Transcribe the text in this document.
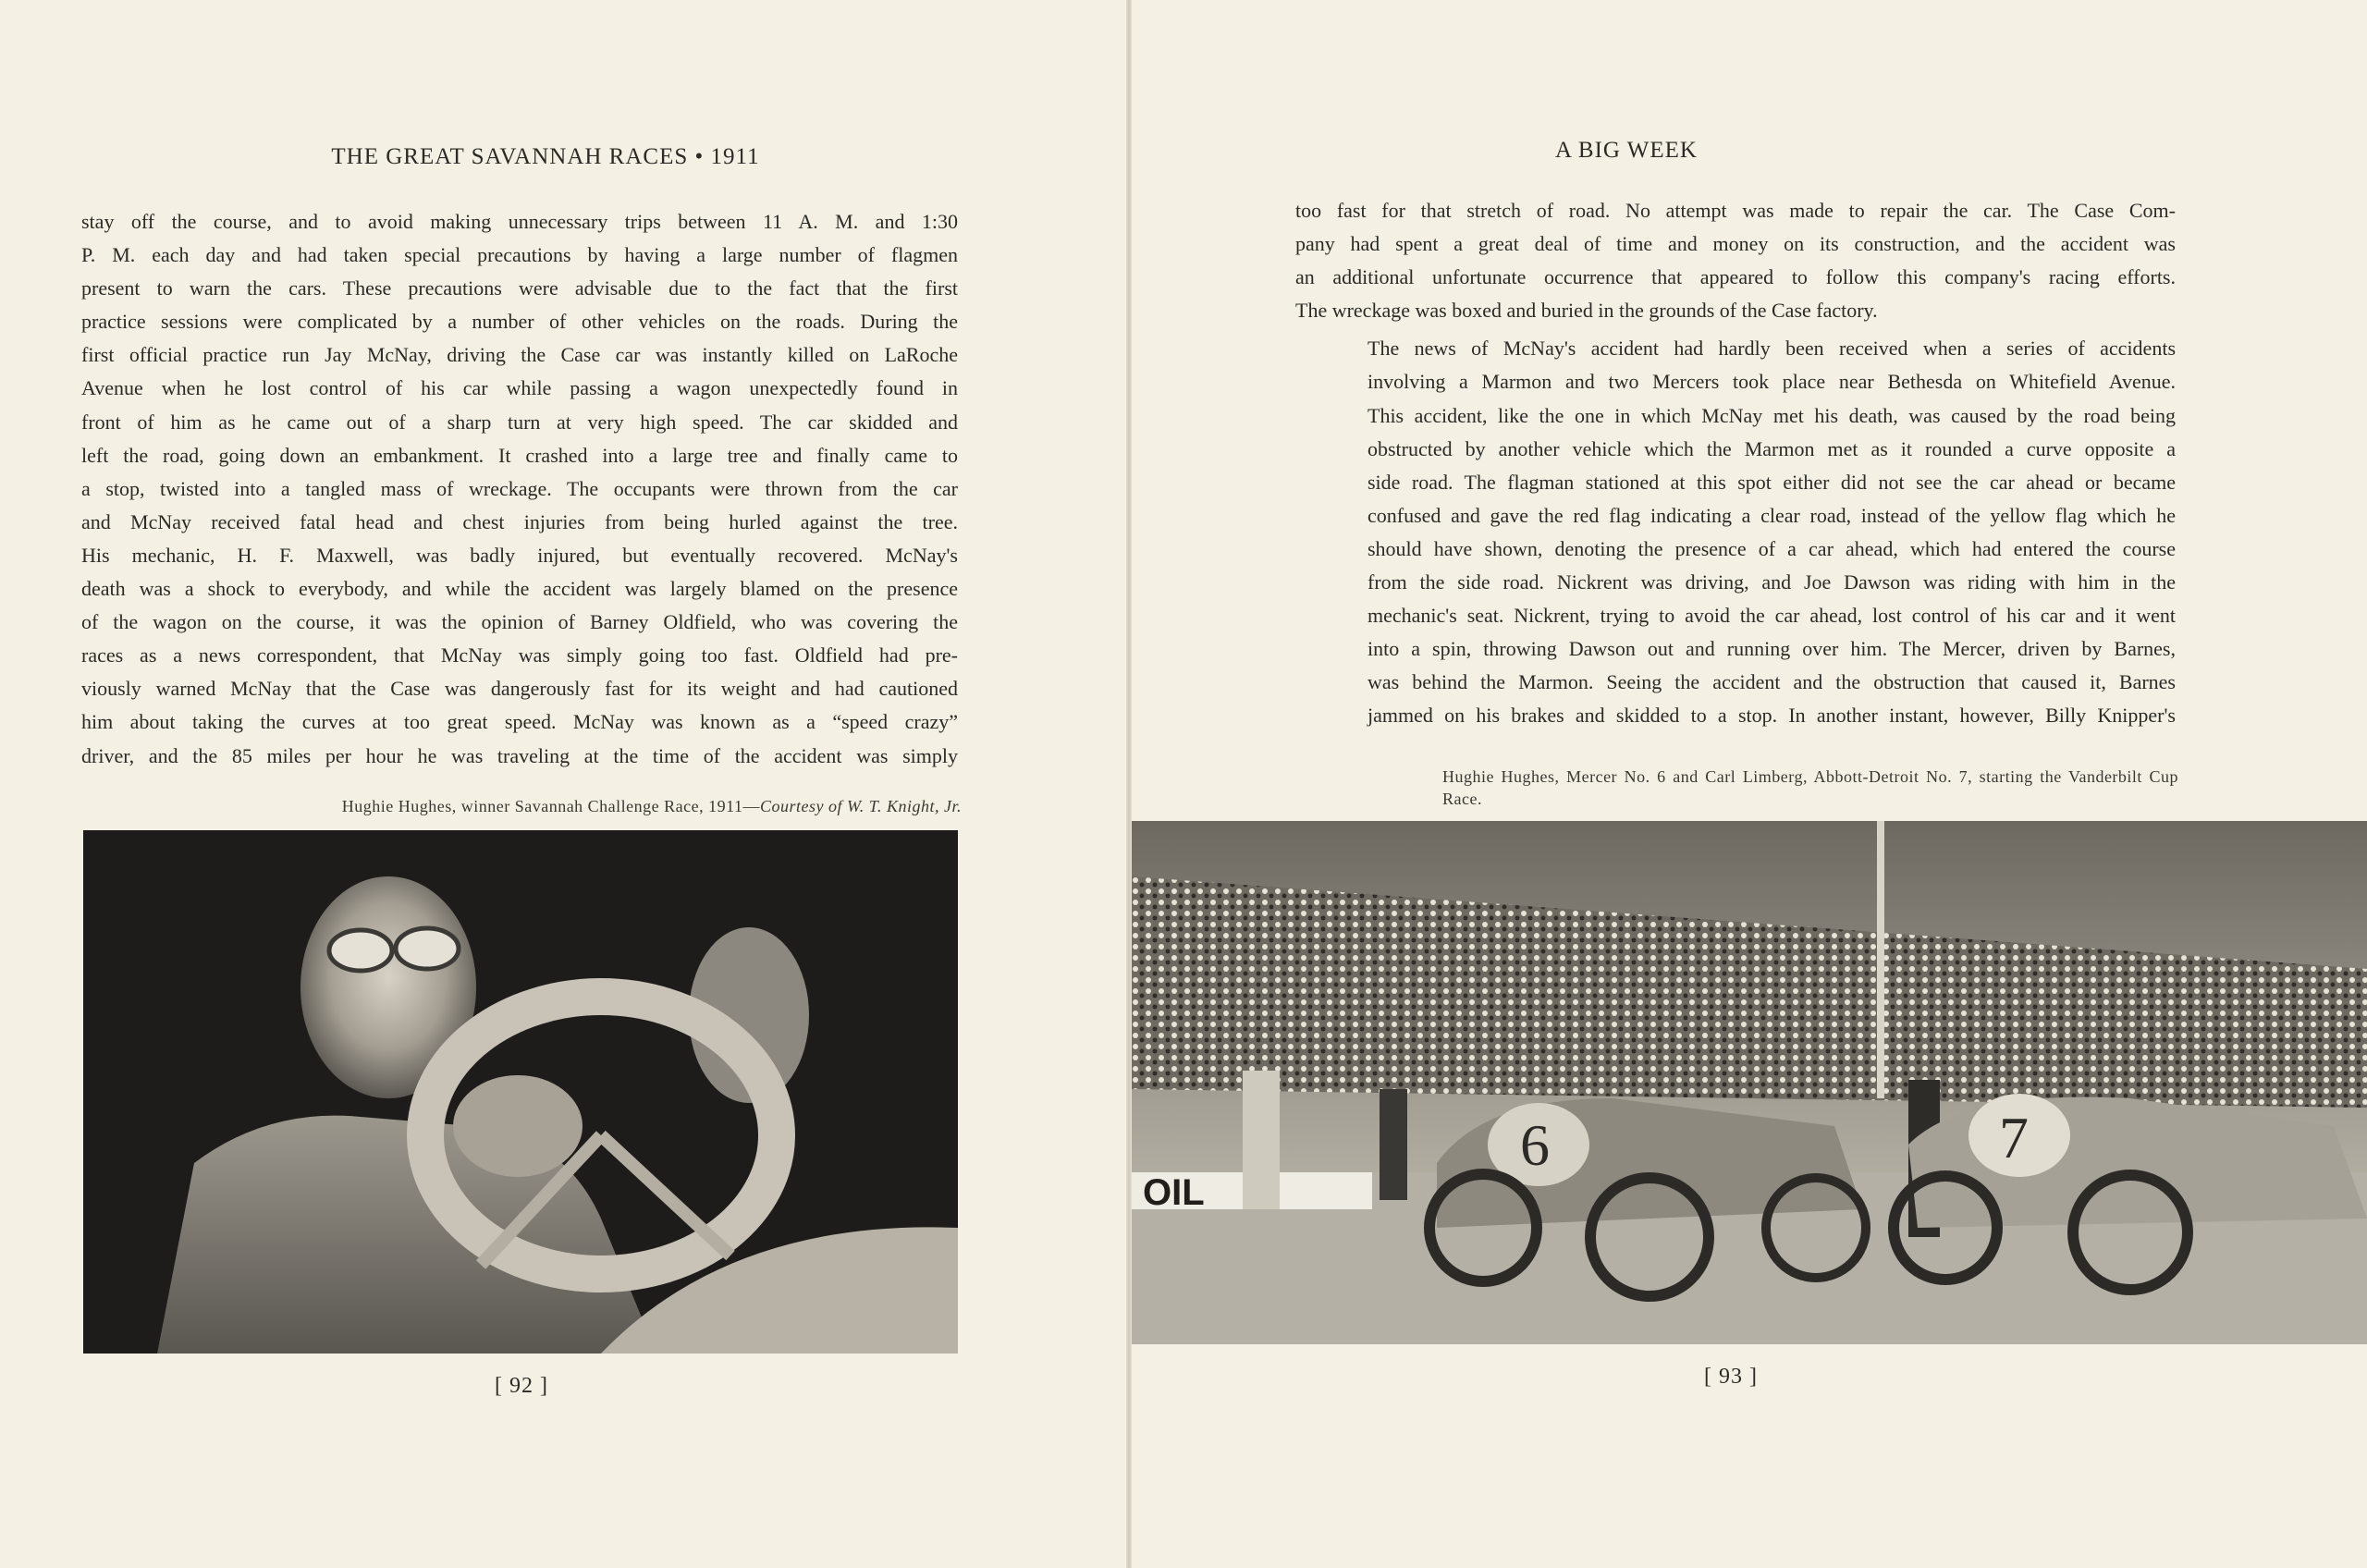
THE GREAT SAVANNAH RACES • 1911

stay off the course, and to avoid making unnecessary trips between 11 A. M. and 1:30
P. M. each day and had taken special precautions by having a large number of flagmen
present to warn the cars. These precautions were advisable due to the fact that the first
practice sessions were complicated by a number of other vehicles on the roads. During the
first official practice run Jay McNay, driving the Case car was instantly killed on LaRoche
Avenue when he lost control of his car while passing a wagon unexpectedly found in
front of him as he came out of a sharp turn at very high speed. The car skidded and
left the road, going down an embankment. It crashed into a large tree and finally came to
a stop, twisted into a tangled mass of wreckage. The occupants were thrown from the car
and McNay received fatal head and chest injuries from being hurled against the tree.
His mechanic, H. F. Maxwell, was badly injured, but eventually recovered. McNay's
death was a shock to everybody, and while the accident was largely blamed on the presence
of the wagon on the course, it was the opinion of Barney Oldfield, who was covering the
races as a news correspondent, that McNay was simply going too fast. Oldfield had pre-
viously warned McNay that the Case was dangerously fast for its weight and had cautioned
him about taking the curves at too great speed. McNay was known as a “speed crazy”
driver, and the 85 miles per hour he was traveling at the time of the accident was simply

Hughie Hughes, winner Savannah Challenge Race, 1911—Courtesy of W. T. Knight, Jr.
[ 92 ]
A BIG WEEK

too fast for that stretch of road. No attempt was made to repair the car. The Case Com-
pany had spent a great deal of time and money on its construction, and the accident was
an additional unfortunate occurrence that appeared to follow this company's racing efforts.
The wreckage was boxed and buried in the grounds of the Case factory.

The news of McNay's accident had hardly been received when a series of accidents
involving a Marmon and two Mercers took place near Bethesda on Whitefield Avenue.
This accident, like the one in which McNay met his death, was caused by the road being
obstructed by another vehicle which the Marmon met as it rounded a curve opposite a
side road. The flagman stationed at this spot either did not see the car ahead or became
confused and gave the red flag indicating a clear road, instead of the yellow flag which he
should have shown, denoting the presence of a car ahead, which had entered the course
from the side road. Nickrent was driving, and Joe Dawson was riding with him in the
mechanic's seat. Nickrent, trying to avoid the car ahead, lost control of his car and it went
into a spin, throwing Dawson out and running over him. The Mercer, driven by Barnes,
was behind the Marmon. Seeing the accident and the obstruction that caused it, Barnes
jammed on his brakes and skidded to a stop. In another instant, however, Billy Knipper's

Hughie Hughes, Mercer No. 6 and Carl Limberg, Abbott-Detroit No. 7, starting the Vanderbilt Cup Race.
OIL
6	7
[ 93 ]
